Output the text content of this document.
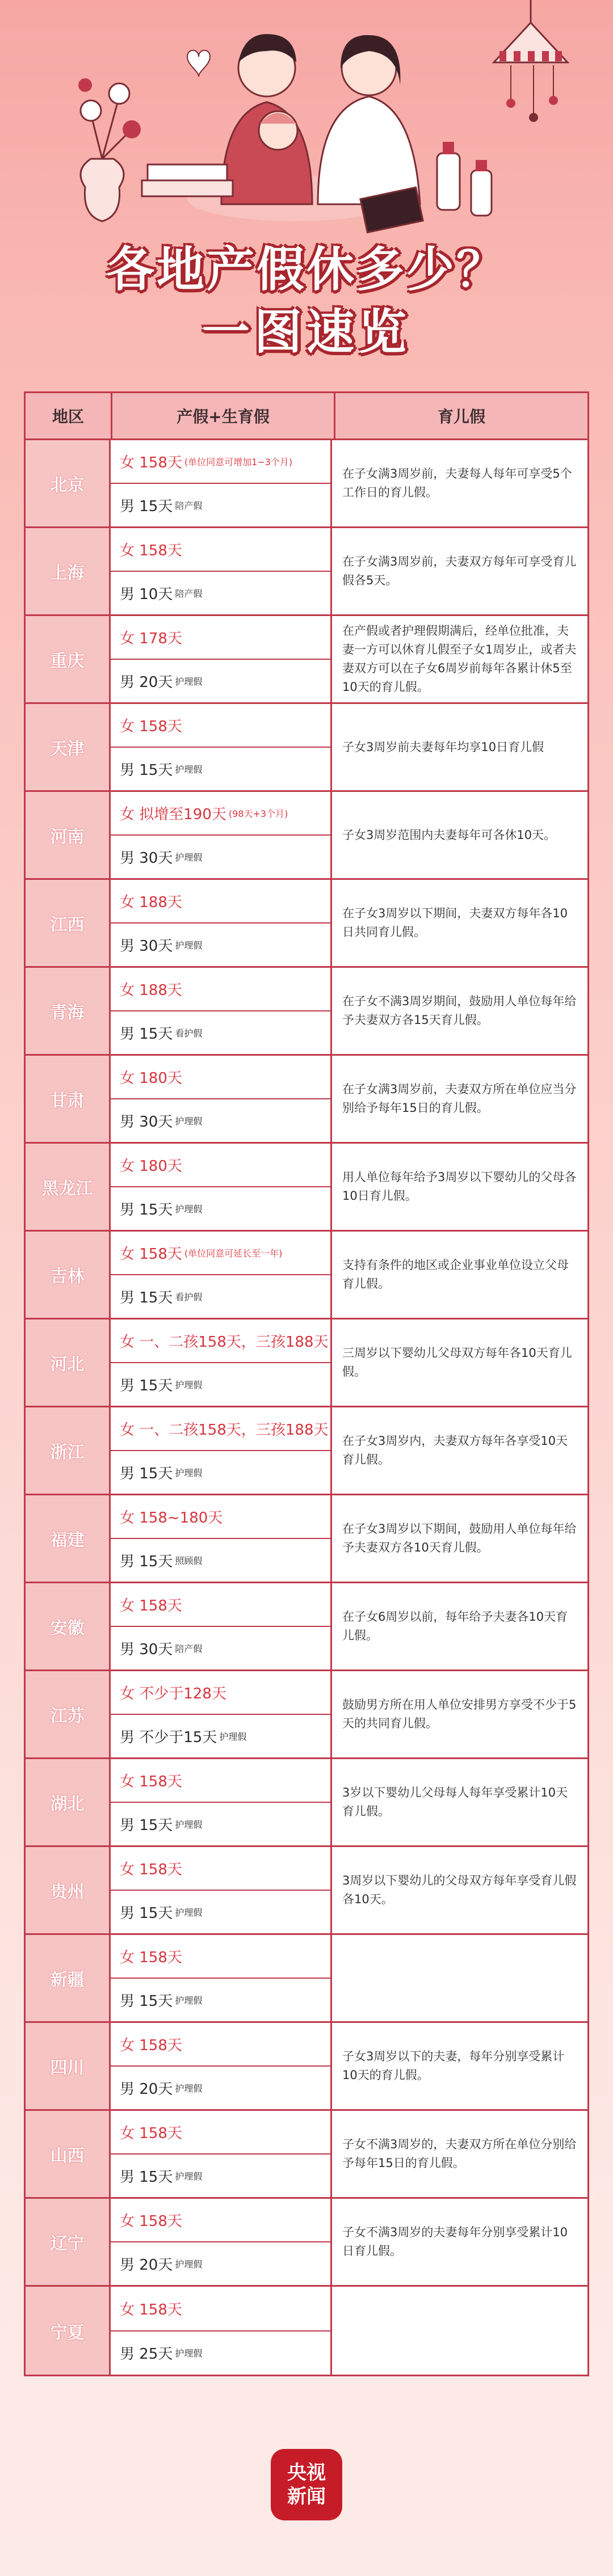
各地产假休多少？
一图速览
地区	产假+生育假	育儿假
北京
女 158天 (单位同意可增加1~3个月)
男 15天 陪产假
在子女满3周岁前，夫妻每人每年可享受5个工作日的育儿假。
上海
女 158天
男 10天 陪产假
在子女满3周岁前，夫妻双方每年可享受育儿假各5天。
重庆
女 178天
男 20天 护理假
在产假或者护理假期满后，经单位批准，夫妻一方可以休育儿假至子女1周岁止，或者夫妻双方可以在子女6周岁前每年各累计休5至10天的育儿假。
天津
女 158天
男 15天 护理假
子女3周岁前夫妻每年均享10日育儿假
河南
女 拟增至190天 (98天+3个月)
男 30天 护理假
子女3周岁范围内夫妻每年可各休10天。
江西
女 188天
男 30天 护理假
在子女3周岁以下期间，夫妻双方每年各10日共同育儿假。
青海
女 188天
男 15天 看护假
在子女不满3周岁期间，鼓励用人单位每年给予夫妻双方各15天育儿假。
甘肃
女 180天
男 30天 护理假
在子女满3周岁前，夫妻双方所在单位应当分别给予每年15日的育儿假。
黑龙江
女 180天
男 15天 护理假
用人单位每年给予3周岁以下婴幼儿的父母各10日育儿假。
吉林
女 158天 (单位同意可延长至一年)
男 15天 看护假
支持有条件的地区或企业事业单位设立父母育儿假。
河北
女 一、二孩158天，三孩188天
男 15天 护理假
三周岁以下婴幼儿父母双方每年各10天育儿假。
浙江
女 一、二孩158天，三孩188天
男 15天 护理假
在子女3周岁内，夫妻双方每年各享受10天育儿假。
福建
女 158~180天
男 15天 照顾假
在子女3周岁以下期间，鼓励用人单位每年给予夫妻双方各10天育儿假。
安徽
女 158天
男 30天 陪产假
在子女6周岁以前，每年给予夫妻各10天育儿假。
江苏
女 不少于128天
男 不少于15天 护理假
鼓励男方所在用人单位安排男方享受不少于5天的共同育儿假。
湖北
女 158天
男 15天 护理假
3岁以下婴幼儿父母每人每年享受累计10天育儿假。
贵州
女 158天
男 15天 护理假
3周岁以下婴幼儿的父母双方每年享受育儿假各10天。
新疆
女 158天
男 15天 护理假
四川
女 158天
男 20天 护理假
子女3周岁以下的夫妻，每年分别享受累计10天的育儿假。
山西
女 158天
男 15天 护理假
子女不满3周岁的，夫妻双方所在单位分别给予每年15日的育儿假。
辽宁
女 158天
男 20天 护理假
子女不满3周岁的夫妻每年分别享受累计10日育儿假。
宁夏
女 158天
男 25天 护理假
央视
新闻
